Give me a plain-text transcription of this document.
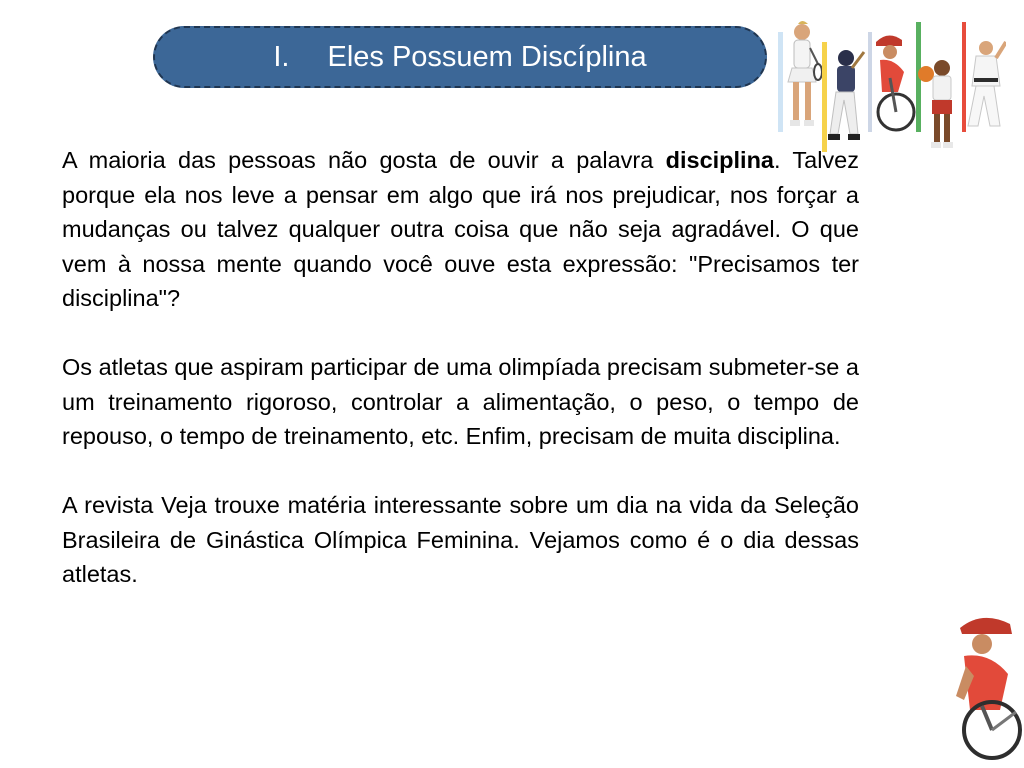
I. Eles Possuem Discíplina

A maioria das pessoas não gosta de ouvir a palavra disciplina. Talvez porque ela nos leve a pensar em algo que irá nos prejudicar, nos forçar a mudanças ou talvez qualquer outra coisa que não seja agradável. O que vem à nossa mente quando você ouve esta expressão: "Precisamos ter disciplina"?

Os atletas que aspiram participar de uma olimpíada precisam submeter-se a um treinamento rigoroso, controlar a alimentação, o peso, o tempo de repouso, o tempo de treinamento, etc. Enfim, precisam de muita disciplina.

A revista Veja trouxe matéria interessante sobre um dia na vida da Seleção Brasileira de Ginástica Olímpica Feminina. Vejamos como é o dia dessas atletas.
